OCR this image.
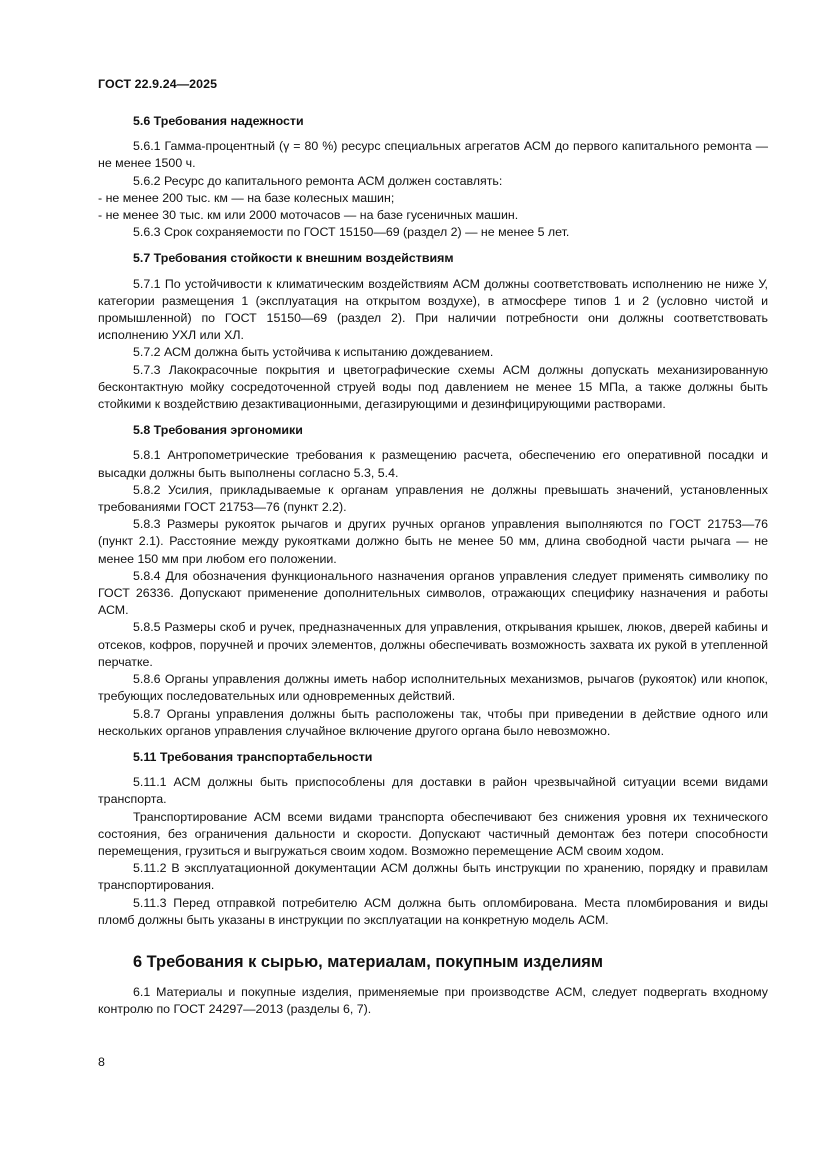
ГОСТ 22.9.24—2025

5.6 Требования надежности

5.6.1 Гамма-процентный (γ = 80 %) ресурс специальных агрегатов АСМ до первого капитального ремонта — не менее 1500 ч.

5.6.2 Ресурс до капитального ремонта АСМ должен составлять:

- не менее 200 тыс. км — на базе колесных машин;

- не менее 30 тыс. км или 2000 моточасов — на базе гусеничных машин.

5.6.3 Срок сохраняемости по ГОСТ 15150—69 (раздел 2) — не менее 5 лет.

5.7 Требования стойкости к внешним воздействиям

5.7.1 По устойчивости к климатическим воздействиям АСМ должны соответствовать исполнению не ниже У, категории размещения 1 (эксплуатация на открытом воздухе), в атмосфере типов 1 и 2 (условно чистой и промышленной) по ГОСТ 15150—69 (раздел 2). При наличии потребности они должны соответствовать исполнению УХЛ или ХЛ.

5.7.2 АСМ должна быть устойчива к испытанию дождеванием.

5.7.3 Лакокрасочные покрытия и цветографические схемы АСМ должны допускать механизированную бесконтактную мойку сосредоточенной струей воды под давлением не менее 15 МПа, а также должны быть стойкими к воздействию дезактивационными, дегазирующими и дезинфицирующими растворами.

5.8 Требования эргономики

5.8.1 Антропометрические требования к размещению расчета, обеспечению его оперативной посадки и высадки должны быть выполнены согласно 5.3, 5.4.

5.8.2 Усилия, прикладываемые к органам управления не должны превышать значений, установленных требованиями ГОСТ 21753—76 (пункт 2.2).

5.8.3 Размеры рукояток рычагов и других ручных органов управления выполняются по ГОСТ 21753—76 (пункт 2.1). Расстояние между рукоятками должно быть не менее 50 мм, длина свободной части рычага — не менее 150 мм при любом его положении.

5.8.4 Для обозначения функционального назначения органов управления следует применять символику по ГОСТ 26336. Допускают применение дополнительных символов, отражающих специфику назначения и работы АСМ.

5.8.5 Размеры скоб и ручек, предназначенных для управления, открывания крышек, люков, дверей кабины и отсеков, кофров, поручней и прочих элементов, должны обеспечивать возможность захвата их рукой в утепленной перчатке.

5.8.6 Органы управления должны иметь набор исполнительных механизмов, рычагов (рукояток) или кнопок, требующих последовательных или одновременных действий.

5.8.7 Органы управления должны быть расположены так, чтобы при приведении в действие одного или нескольких органов управления случайное включение другого органа было невозможно.

5.11 Требования транспортабельности

5.11.1 АСМ должны быть приспособлены для доставки в район чрезвычайной ситуации всеми видами транспорта.

Транспортирование АСМ всеми видами транспорта обеспечивают без снижения уровня их технического состояния, без ограничения дальности и скорости. Допускают частичный демонтаж без потери способности перемещения, грузиться и выгружаться своим ходом. Возможно перемещение АСМ своим ходом.

5.11.2 В эксплуатационной документации АСМ должны быть инструкции по хранению, порядку и правилам транспортирования.

5.11.3 Перед отправкой потребителю АСМ должна быть опломбирована. Места пломбирования и виды пломб должны быть указаны в инструкции по эксплуатации на конкретную модель АСМ.

6 Требования к сырью, материалам, покупным изделиям

6.1 Материалы и покупные изделия, применяемые при производстве АСМ, следует подвергать входному контролю по ГОСТ 24297—2013 (разделы 6, 7).

8
